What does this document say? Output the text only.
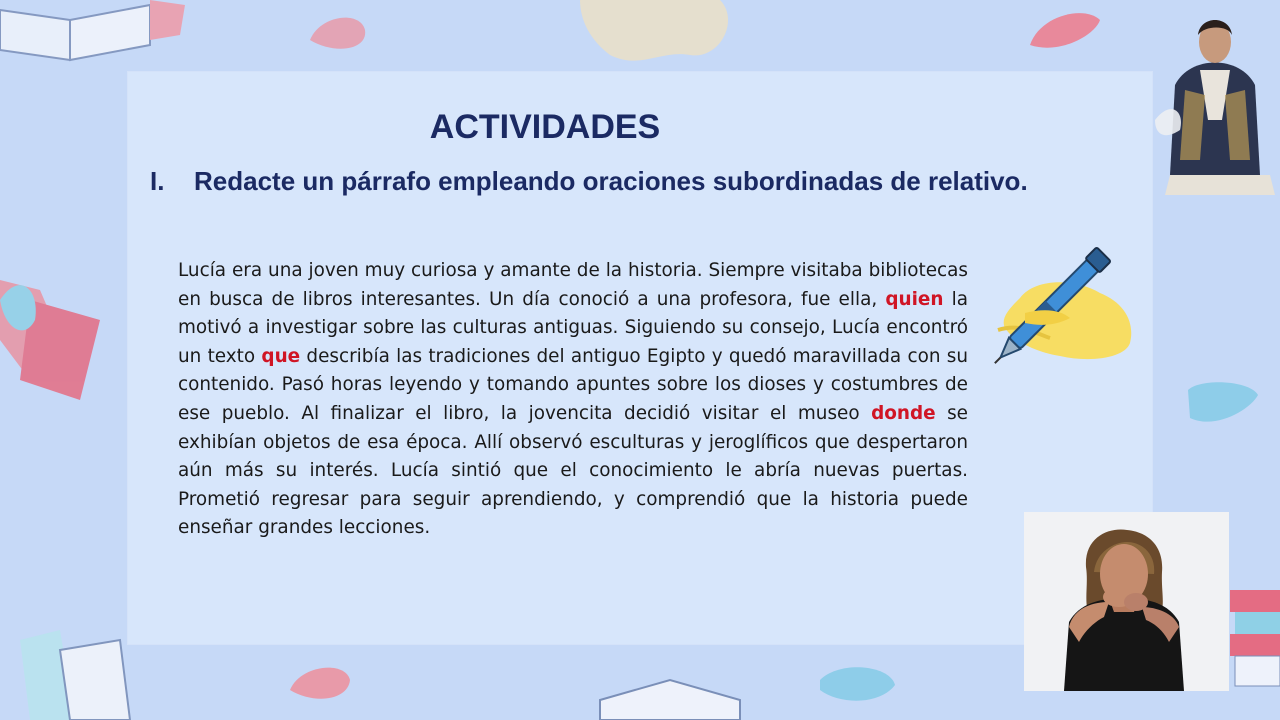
ACTIVIDADES
I. Redacte un párrafo empleando oraciones subordinadas de relativo.

Lucía era una joven muy curiosa y amante de la historia. Siempre visitaba bibliotecas en busca de libros interesantes. Un día conoció a una profesora, fue ella, quien la motivó a investigar sobre las culturas antiguas. Siguiendo su consejo, Lucía encontró un texto que describía las tradiciones del antiguo Egipto y quedó maravillada con su contenido. Pasó horas leyendo y tomando apuntes sobre los dioses y costumbres de ese pueblo. Al finalizar el libro, la jovencita decidió visitar el museo donde se exhibían objetos de esa época. Allí observó esculturas y jeroglíficos que despertaron aún más su interés. Lucía sintió que el conocimiento le abría nuevas puertas. Prometió regresar para seguir aprendiendo, y comprendió que la historia puede enseñar grandes lecciones.
